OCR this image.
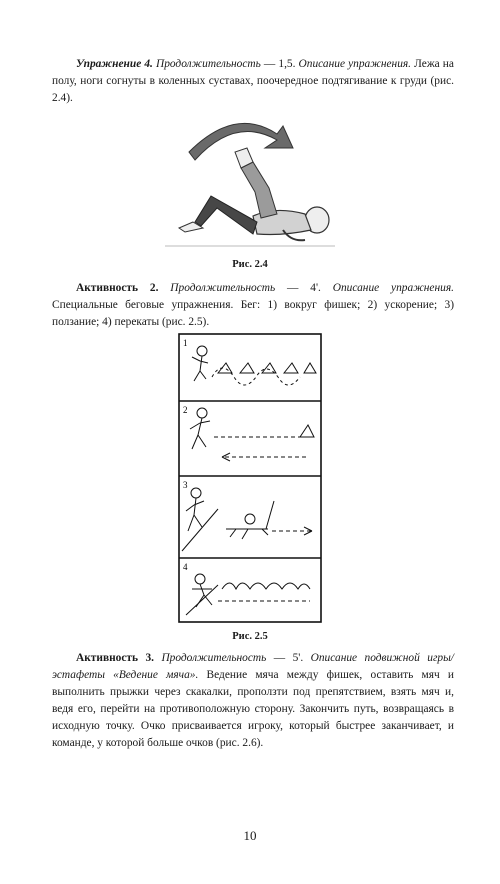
Упражнение 4. Продолжительность — 1,5. Описание упражнения. Лежа на полу, ноги согнуты в коленных суставах, поочередное подтягивание к груди (рис. 2.4).

Рис. 2.4

Активность 2. Продолжительность — 4'. Описание упражнения. Специальные беговые упражнения. Бег: 1) вокруг фишек; 2) ускорение; 3) ползание; 4) перекаты (рис. 2.5).

1
2
3
4
Рис. 2.5

Активность 3. Продолжительность — 5'. Описание подвижной игры/эстафеты «Ведение мяча». Ведение мяча между фишек, оставить мяч и выполнить прыжки через скакалки, проползти под препятствием, взять мяч и, ведя его, перейти на противоположную сторону. Закончить путь, возвращаясь в исходную точку. Очко присваивается игроку, который быстрее заканчивает, и команде, у которой больше очков (рис. 2.6).

10
